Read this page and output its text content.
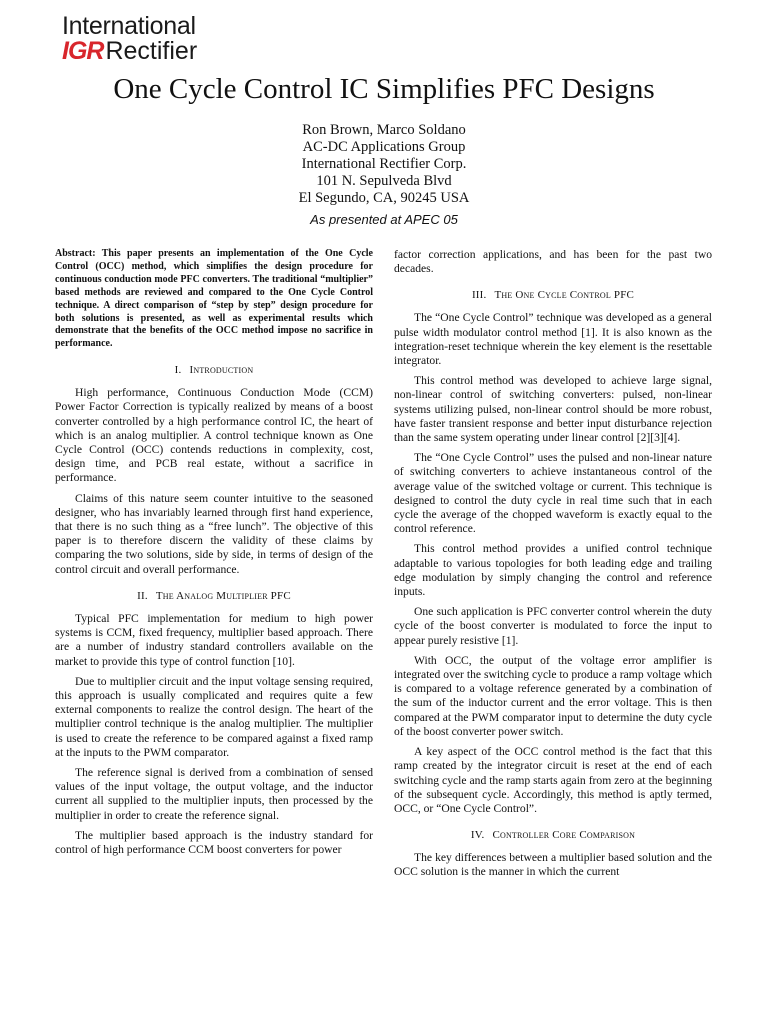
International
IGRRectifier
One Cycle Control IC Simplifies PFC Designs
Ron Brown, Marco Soldano
AC-DC Applications Group
International Rectifier Corp.
101 N. Sepulveda Blvd
El Segundo, CA, 90245 USA
As presented at APEC 05

Abstract: This paper presents an implementation of the One Cycle Control (OCC) method, which simplifies the design procedure for continuous conduction mode PFC converters. The traditional “multiplier” based methods are reviewed and compared to the One Cycle Control technique. A direct comparison of “step by step” design procedure for both solutions is presented, as well as experimental results which demonstrate that the benefits of the OCC method impose no sacrifice in performance.

I. Introduction

High performance, Continuous Conduction Mode (CCM) Power Factor Correction is typically realized by means of a boost converter controlled by a high performance control IC, the heart of which is an analog multiplier. A control technique known as One Cycle Control (OCC) contends reductions in complexity, cost, design time, and PCB real estate, without a sacrifice in performance.

Claims of this nature seem counter intuitive to the seasoned designer, who has invariably learned through first hand experience, that there is no such thing as a “free lunch”. The objective of this paper is to therefore discern the validity of these claims by comparing the two solutions, side by side, in terms of design of the control circuit and overall performance.

II. The Analog Multiplier PFC

Typical PFC implementation for medium to high power systems is CCM, fixed frequency, multiplier based approach. There are a number of industry standard controllers available on the market to provide this type of control function [10].

Due to multiplier circuit and the input voltage sensing required, this approach is usually complicated and requires quite a few external components to realize the control design. The heart of the multiplier control technique is the analog multiplier. The multiplier is used to create the reference to be compared against a fixed ramp at the inputs to the PWM comparator.

The reference signal is derived from a combination of sensed values of the input voltage, the output voltage, and the inductor current all supplied to the multiplier inputs, then processed by the multiplier in order to create the reference signal.

The multiplier based approach is the industry standard for control of high performance CCM boost converters for power

factor correction applications, and has been for the past two decades.

III. The One Cycle Control PFC

The “One Cycle Control” technique was developed as a general pulse width modulator control method [1]. It is also known as the integration-reset technique wherein the key element is the resettable integrator.

This control method was developed to achieve large signal, non-linear control of switching converters: pulsed, non-linear systems utilizing pulsed, non-linear control should be more robust, have faster transient response and better input disturbance rejection than the same system operating under linear control [2][3][4].

The “One Cycle Control” uses the pulsed and non-linear nature of switching converters to achieve instantaneous control of the average value of the switched voltage or current. This technique is designed to control the duty cycle in real time such that in each cycle the average of the chopped waveform is exactly equal to the control reference.

This control method provides a unified control technique adaptable to various topologies for both leading edge and trailing edge modulation by simply changing the control and reference inputs.

One such application is PFC converter control wherein the duty cycle of the boost converter is modulated to force the input to appear purely resistive [1].

With OCC, the output of the voltage error amplifier is integrated over the switching cycle to produce a ramp voltage which is compared to a voltage reference generated by a combination of the sum of the inductor current and the error voltage. This is then compared at the PWM comparator input to determine the duty cycle of the boost converter power switch.

A key aspect of the OCC control method is the fact that this ramp created by the integrator circuit is reset at the end of each switching cycle and the ramp starts again from zero at the beginning of the subsequent cycle. Accordingly, this method is aptly termed, OCC, or “One Cycle Control”.

IV. Controller Core Comparison

The key differences between a multiplier based solution and the OCC solution is the manner in which the current
